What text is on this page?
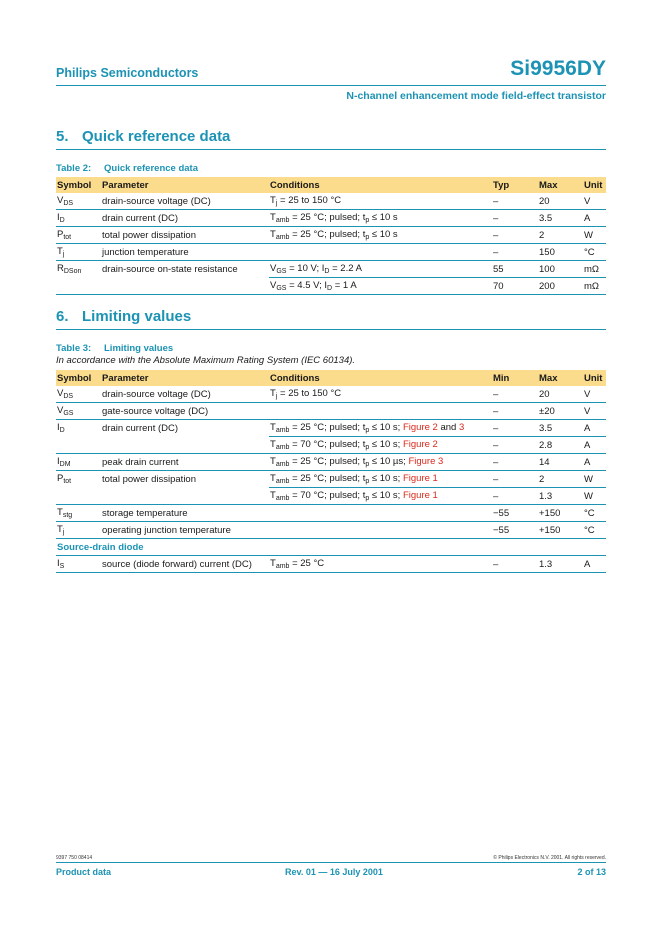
Philips Semiconductors	Si9956DY
N-channel enhancement mode field-effect transistor
5. Quick reference data
Table 2: Quick reference data
Symbol	Parameter	Conditions	Typ	Max	Unit
$V_{DS}$	drain-source voltage (DC)	$T_j = 25$ to 150 °C	–	20	V
$I_D$	drain current (DC)	$T_{amb} = 25$ °C; pulsed; $t_p \le 10$ s	–	3.5	A
$P_{tot}$	total power dissipation	$T_{amb} = 25$ °C; pulsed; $t_p \le 10$ s	–	2	W
$T_j$	junction temperature		–	150	°C
$R_{DSon}$	drain-source on-state resistance	$V_{GS} = 10$ V; $I_D = 2.2$ A	55	100	mΩ
		$V_{GS} = 4.5$ V; $I_D = 1$ A	70	200	mΩ
6. Limiting values
Table 3: Limiting values
In accordance with the Absolute Maximum Rating System (IEC 60134).
Symbol	Parameter	Conditions	Min	Max	Unit
$V_{DS}$	drain-source voltage (DC)	$T_j = 25$ to 150 °C	–	20	V
$V_{GS}$	gate-source voltage (DC)		–	±20	V
$I_D$	drain current (DC)	$T_{amb} = 25$ °C; pulsed; $t_p \le 10$ s; Figure 2 and 3	–	3.5	A
		$T_{amb} = 70$ °C; pulsed; $t_p \le 10$ s; Figure 2	–	2.8	A
$I_{DM}$	peak drain current	$T_{amb} = 25$ °C; pulsed; $t_p \le 10$ µs; Figure 3	–	14	A
$P_{tot}$	total power dissipation	$T_{amb} = 25$ °C; pulsed; $t_p \le 10$ s; Figure 1	–	2	W
		$T_{amb} = 70$ °C; pulsed; $t_p \le 10$ s; Figure 1	–	1.3	W
$T_{stg}$	storage temperature		−55	+150	°C
$T_j$	operating junction temperature		−55	+150	°C
Source-drain diode					
$I_S$	source (diode forward) current (DC)	$T_{amb} = 25$ °C	–	1.3	A
9397 750 08414	© Philips Electronics N.V. 2001. All rights reserved.
Product data	Rev. 01 — 16 July 2001	2 of 13
